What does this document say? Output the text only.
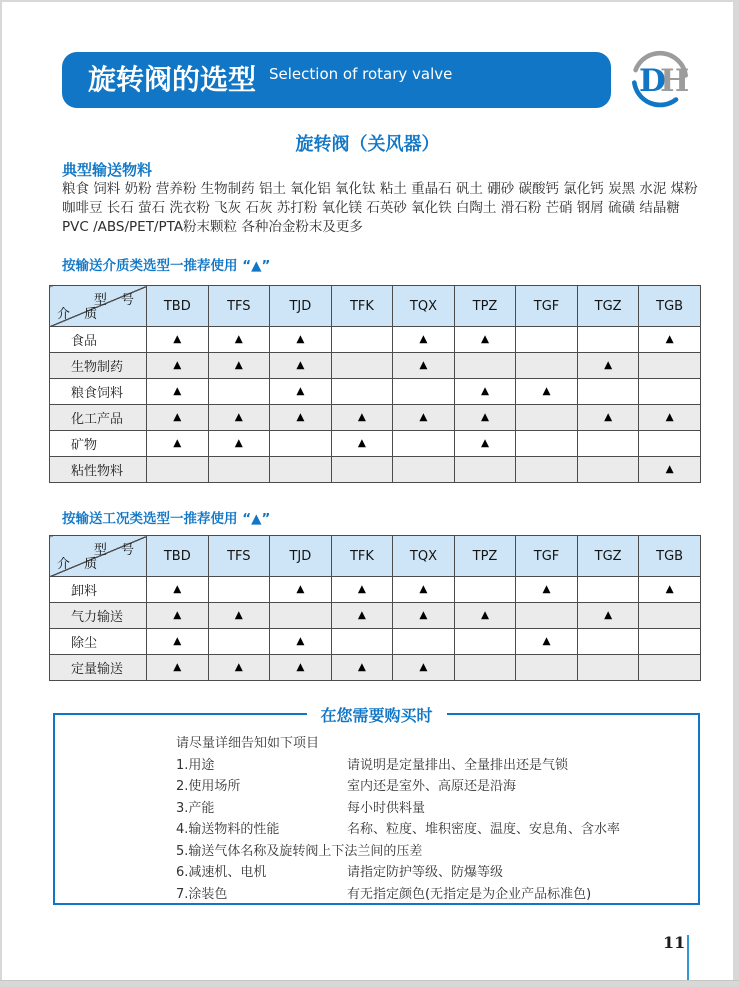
旋转阀的选型 Selection of rotary valve	D
H
旋转阀（关风器）
典型输送物料
粮食 饲料 奶粉 营养粉 生物制药 铝土 氧化铝 氧化钛 粘土 重晶石 矾土 硼砂 碳酸钙 氯化钙 炭黑 水泥 煤粉 咖啡豆 长石 萤石 洗衣粉 飞灰 石灰 苏打粉 氧化镁 石英砂 氧化铁 白陶土 滑石粉 芒硝 钢屑 硫磺 结晶糖 PVC /ABS/PET/PTA粉末颗粒 各种冶金粉末及更多
按输送介质类选型一推荐使用 “▲”
按输送工况类选型一推荐使用 “▲”
型 号
介 质	TBD	TFS	TJD	TFK	TQX	TPZ	TGF	TGZ	TGB
食品	▲	▲	▲		▲	▲			▲
生物制药	▲	▲	▲		▲			▲	
粮食饲料	▲		▲			▲	▲		
化工产品	▲	▲	▲	▲	▲	▲		▲	▲
矿物	▲	▲		▲		▲			
粘性物料									▲
型 号
介 质	TBD	TFS	TJD	TFK	TQX	TPZ	TGF	TGZ	TGB
卸料	▲		▲	▲	▲		▲		▲
气力输送	▲	▲		▲	▲	▲		▲	
除尘	▲		▲				▲		
定量输送	▲	▲	▲	▲	▲				
在您需要购买时
请尽量详细告知如下项目
1.用途	请说明是定量排出、全量排出还是气锁
2.使用场所	室内还是室外、高原还是沿海
3.产能	每小时供料量
4.输送物料的性能	名称、粒度、堆积密度、温度、安息角、含水率
5.输送气体名称及旋转阀上下法兰间的压差
6.减速机、电机	请指定防护等级、防爆等级
7.涂装色	有无指定颜色(无指定是为企业产品标准色)
11
